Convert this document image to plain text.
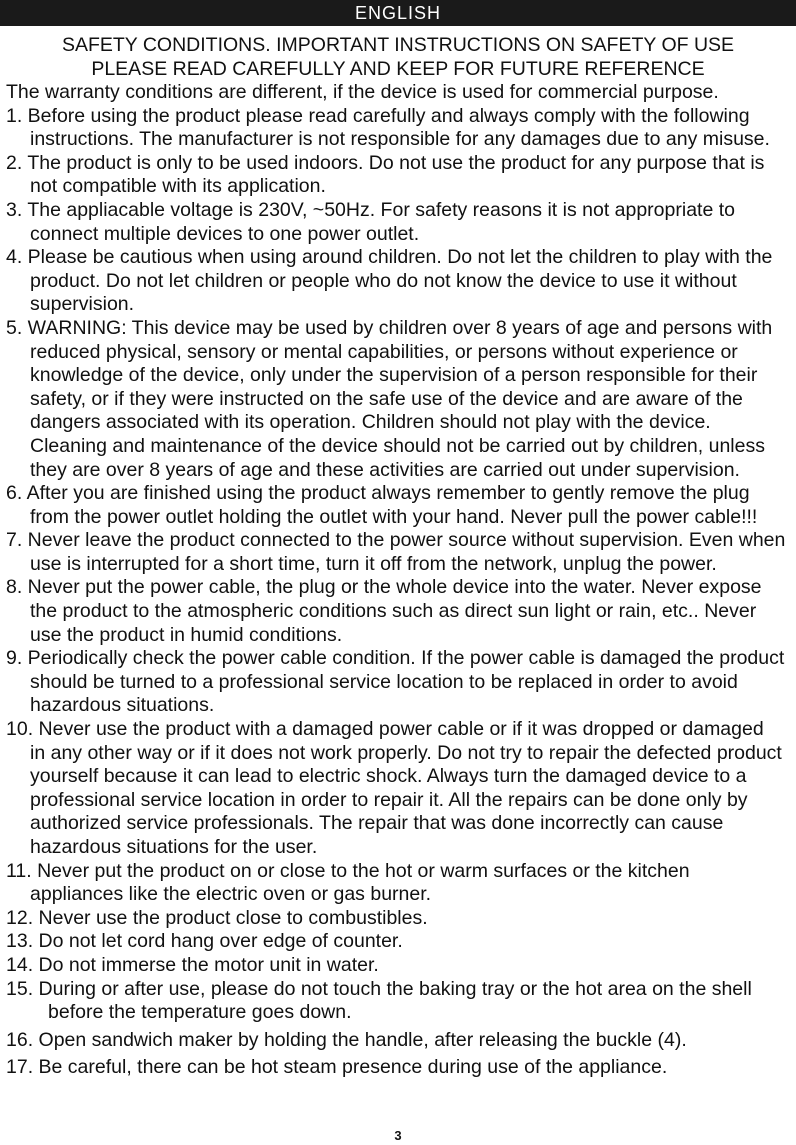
ENGLISH
SAFETY CONDITIONS. IMPORTANT INSTRUCTIONS ON SAFETY OF USE
PLEASE READ CAREFULLY AND KEEP FOR FUTURE REFERENCE
The warranty conditions are different, if the device is used for commercial purpose.
1. Before using the product please read carefully and always comply with the following
instructions. The manufacturer is not responsible for any damages due to any misuse.
2. The product is only to be used indoors. Do not use the product for any purpose that is
not compatible with its application.
3. The appliacable voltage is 230V, ~50Hz. For safety reasons it is not appropriate to
connect multiple devices to one power outlet.
4. Please be cautious when using around children. Do not let the children to play with the
product. Do not let children or people who do not know the device to use it without
supervision.
5. WARNING: This device may be used by children over 8 years of age and persons with
reduced physical, sensory or mental capabilities, or persons without experience or
knowledge of the device, only under the supervision of a person responsible for their
safety, or if they were instructed on the safe use of the device and are aware of the
dangers associated with its operation. Children should not play with the device.
Cleaning and maintenance of the device should not be carried out by children, unless
they are over 8 years of age and these activities are carried out under supervision.
6. After you are finished using the product always remember to gently remove the plug
from the power outlet holding the outlet with your hand. Never pull the power cable!!!
7. Never leave the product connected to the power source without supervision. Even when
use is interrupted for a short time, turn it off from the network, unplug the power.
8. Never put the power cable, the plug or the whole device into the water. Never expose
the product to the atmospheric conditions such as direct sun light or rain, etc.. Never
use the product in humid conditions.
9. Periodically check the power cable condition. If the power cable is damaged the product
should be turned to a professional service location to be replaced in order to avoid
hazardous situations.
10. Never use the product with a damaged power cable or if it was dropped or damaged
in any other way or if it does not work properly. Do not try to repair the defected product
yourself because it can lead to electric shock. Always turn the damaged device to a
professional service location in order to repair it. All the repairs can be done only by
authorized service professionals. The repair that was done incorrectly can cause
hazardous situations for the user.
11. Never put the product on or close to the hot or warm surfaces or the kitchen
appliances like the electric oven or gas burner.
12. Never use the product close to combustibles.
13. Do not let cord hang over edge of counter.
14. Do not immerse the motor unit in water.
15. During or after use, please do not touch the baking tray or the hot area on the shell
before the temperature goes down.
16. Open sandwich maker by holding the handle, after releasing the buckle (4).
17. Be careful, there can be hot steam presence during use of the appliance.
3
